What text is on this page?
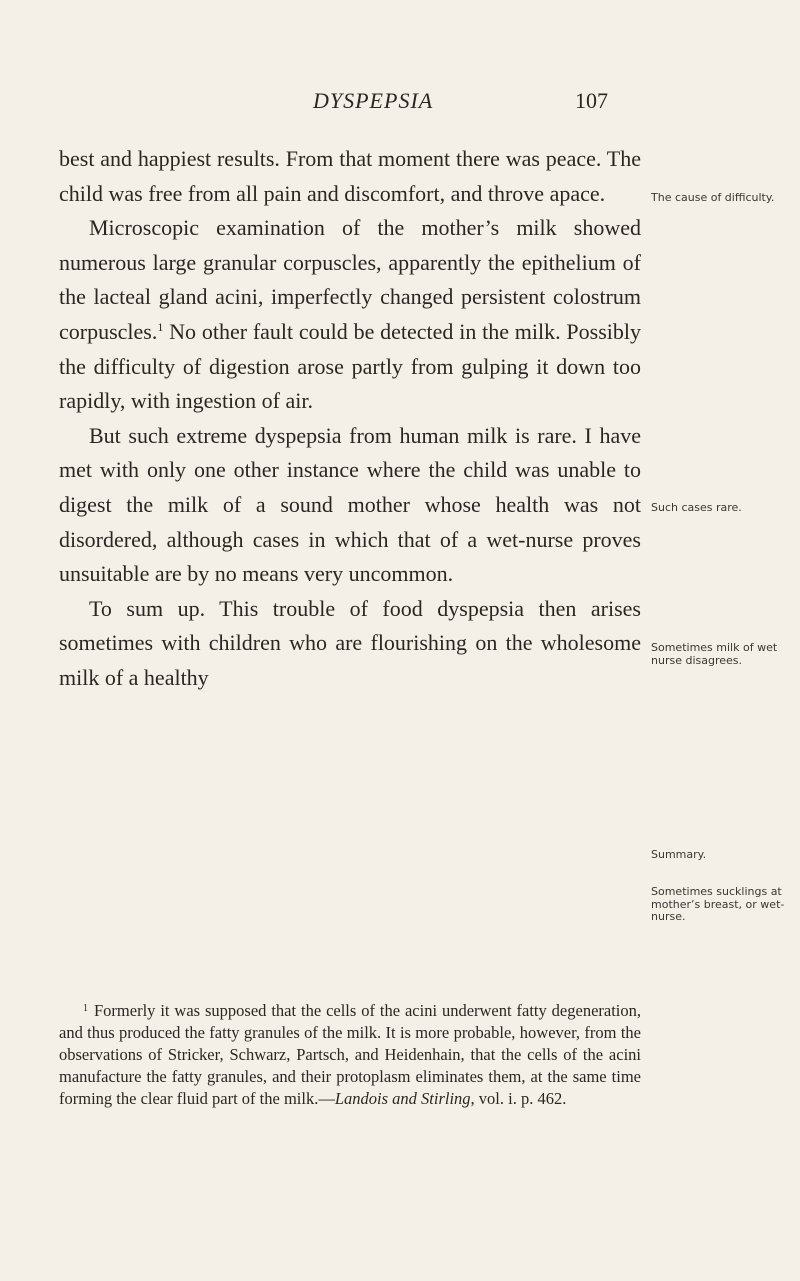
DYSPEPSIA	107

best and happiest results. From that moment there was peace. The child was free from all pain and discomfort, and throve apace.

Microscopic examination of the mother’s milk showed numerous large granular corpuscles, apparently the epithelium of the lacteal gland acini, imperfectly changed persistent colostrum corpuscles.$^1$ No other fault could be detected in the milk. Possibly the difficulty of digestion arose partly from gulping it down too rapidly, with ingestion of air.

But such extreme dyspepsia from human milk is rare. I have met with only one other instance where the child was unable to digest the milk of a sound mother whose health was not disordered, although cases in which that of a wet-nurse proves unsuitable are by no means very uncommon.

To sum up. This trouble of food dyspepsia then arises sometimes with children who are flourishing on the wholesome milk of a healthy

The cause of difficulty.
Such cases rare.
Sometimes milk of wet nurse disagrees.
Summary.
Sometimes sucklings at mother’s breast, or wet-nurse.

$^1$ Formerly it was supposed that the cells of the acini underwent fatty degeneration, and thus produced the fatty granules of the milk. It is more probable, however, from the observations of Stricker, Schwarz, Partsch, and Heidenhain, that the cells of the acini manufacture the fatty granules, and their protoplasm eliminates them, at the same time forming the clear fluid part of the milk.—Landois and Stirling, vol. i. p. 462.
